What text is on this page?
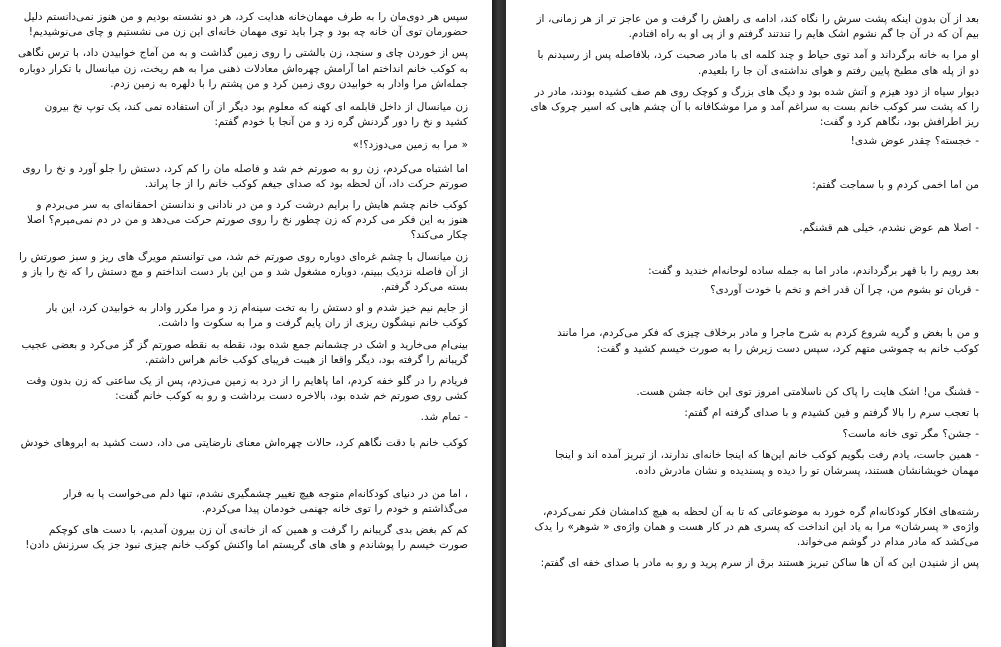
سپس هر دوی‌مان را به طرف مهمان‌خانه هدایت کرد، هر دو نشسته بودیم و من هنوز نمی‌دانستم دلیل حضورمان توی آن خانه چه بود و چرا باید توی مهمان خانه‌ای این زن می نشستیم و چای می‌نوشیدیم!

پس از خوردن چای و سنجد، زن بالشتی را روی زمین گذاشت و به من آماج خوابیدن داد، با ترس نگاهی به کوکب خانم انداختم اما آرامش چهره‌اش معادلات ذهنی مرا به هم ریخت، زن میانسال با تکرار دوباره جمله‌اش مرا وادار به خوابیدن روی زمین کرد و من پشتم را با دلهره به زمین زدم.

زن میانسال از داخل قابلمه ای کهنه که معلوم بود دیگر از آن استفاده نمی کند، یک توپ نخ بیرون کشید و نخ را دور گردنش گره زد و من آنجا با خودم گفتم:

« مرا به زمین می‌دوزد؟!»

اما اشتباه می‌کردم، زن رو به صورتم خم شد و فاصله مان را کم کرد، دستش را جلو آورد و نخ را روی صورتم حرکت داد، آن لحظه بود که صدای جیغم کوکب خانم را از جا پراند.

کوکب خانم چشم هایش را برایم درشت کرد و من در نادانی و ندانستن احمقانه‌ای به سر می‌بردم و هنوز به این فکر می کردم که زن چطور نخ را روی صورتم حرکت می‌دهد و من در دم نمی‌میرم؟ اصلا چکار می‌کند؟

زن میانسال با چشم غره‌ای دوباره روی صورتم خم شد، می توانستم مویرگ های ریز و سبز صورتش را از آن فاصله نزدیک ببینم، دوباره مشغول شد و من این بار دست انداختم و مچ دستش را که نخ را باز و بسته می‌کرد گرفتم.

از جایم نیم خیز شدم و او دستش را به تخت سینه‌ام زد و مرا مکرر وادار به خوابیدن کرد، این بار کوکب خانم نیشگون ریزی از ران پایم گرفت و مرا به سکوت وا داشت.

بینی‌ام می‌خارید و اشک در چشمانم جمع شده بود، نقطه به نقطه صورتم گز گز می‌کرد و بعضی عجیب گریبانم را گرفته بود، دیگر واقعا از هیبت فریبای کوکب خانم هراس داشتم.

فریادم را در گلو خفه کردم، اما پاهایم را از درد به زمین می‌زدم، پس از یک ساعتی که زن بدون وقت کشی روی صورتم خم شده بود، بالاخره دست برداشت و رو به کوکب خانم گفت:

- تمام شد.

کوکب خانم با دقت نگاهم کرد، حالات چهره‌اش معنای نارضایتی می داد، دست کشید به ابروهای خودش

، اما من در دنیای کودکانه‌ام متوجه هیچ تغییر چشمگیری نشدم، تنها دلم می‌خواست پا به فرار می‌گذاشتم و خودم را توی خانه جهنمی خودمان پیدا می‌کردم.

کم کم بغض بدی گریبانم را گرفت و همین که از خانه‌ی آن زن بیرون آمدیم، با دست های کوچکم صورت خیسم را پوشاندم و های های گریستم اما واکنش کوکب خانم چیزی نبود جز یک سرزنش دادن!

بعد از آن بدون اینکه پشت سرش را نگاه کند، ادامه ی راهش را گرفت و من عاجز تر از هر زمانی، از بیم آن که در آن جا گم نشوم اشک هایم را تندتند گرفتم و از پی او به راه افتادم.

او مرا به خانه برگرداند و آمد توی حیاط و چند کلمه ای با مادر صحبت کرد، بلافاصله پس از رسیدنم با دو از پله های مطبخ پایین رفتم و هوای نداشته‌ی آن جا را بلعیدم.

دیوار سیاه از دود هیزم و آتش شده بود و دیگ های بزرگ و کوچک روی هم صف کشیده بودند، مادر در را که پشت سر کوکب خانم بست به سراغم آمد و مرا موشکافانه با آن چشم هایی که اسیر چروک های ریز اطرافش بود، نگاهم کرد و گفت:

- خجسته؟ چقدر عوض شدی!

من اما اخمی کردم و با سماجت گفتم:

- اصلا هم عوض نشدم، خیلی هم قشنگم.

بعد رویم را با قهر برگرداندم، مادر اما به جمله ساده لوحانه‌ام خندید و گفت:

- قربان تو بشوم من، چرا آن قدر اخم و تخم با خودت آوردی؟

و من با بغض و گریه شروع کردم به شرح ماجرا و مادر برخلاف چیزی که فکر می‌کردم، مرا مانند کوکب خانم به چموشی متهم کرد، سپس دست زیرش را به صورت خیسم کشید و گفت:

- قشنگ من! اشک هایت را پاک کن ناسلامتی امروز توی این خانه جشن هست.

با تعجب سرم را بالا گرفتم و فین کشیدم و با صدای گرفته ام گفتم:

- جشن؟ مگر توی خانه ماست؟

- همین جاست، یادم رفت بگویم کوکب خانم این‌ها که اینجا خانه‌ای ندارند، از تبریز آمده اند و اینجا مهمان خویشانشان هستند، پسرشان تو را دیده و پسندیده و نشان مادرش داده.

رشته‌های افکار کودکانه‌ام گره خورد به موضوعاتی که تا به آن لحظه به هیچ کدامشان فکر نمی‌کردم، واژه‌ی « پسرشان» مرا به یاد این انداخت که پسری هم در کار هست و همان واژه‌ی « شوهر» را یدک می‌کشد که مادر مدام در گوشم می‌خواند.

پس از شنیدن این که آن ها ساکن تبریز هستند برق از سرم پرید و رو به مادر با صدای خفه ای گفتم:
